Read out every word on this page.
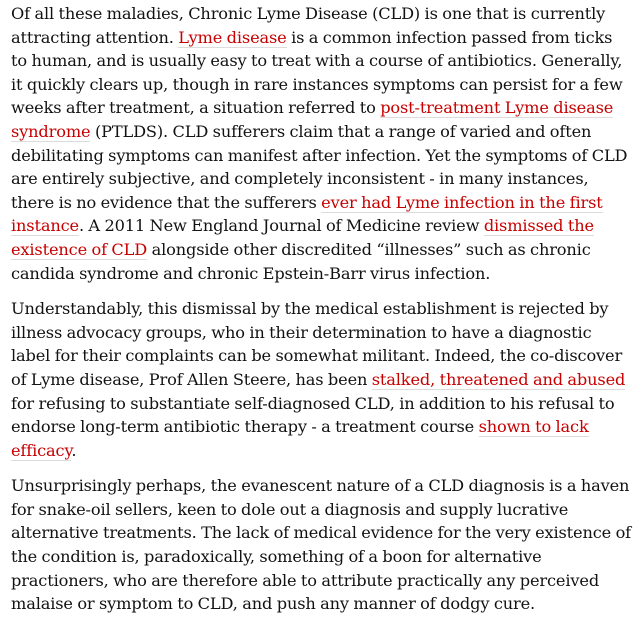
Of all these maladies, Chronic Lyme Disease (CLD) is one that is currently
attracting attention. Lyme disease is a common infection passed from ticks
to human, and is usually easy to treat with a course of antibiotics. Generally,
it quickly clears up, though in rare instances symptoms can persist for a few
weeks after treatment, a situation referred to post-treatment Lyme disease
syndrome (PTLDS). CLD sufferers claim that a range of varied and often
debilitating symptoms can manifest after infection. Yet the symptoms of CLD
are entirely subjective, and completely inconsistent - in many instances,
there is no evidence that the sufferers ever had Lyme infection in the first
instance. A 2011 New England Journal of Medicine review dismissed the
existence of CLD alongside other discredited “illnesses” such as chronic
candida syndrome and chronic Epstein-Barr virus infection.

Understandably, this dismissal by the medical establishment is rejected by
illness advocacy groups, who in their determination to have a diagnostic
label for their complaints can be somewhat militant. Indeed, the co-discover
of Lyme disease, Prof Allen Steere, has been stalked, threatened and abused
for refusing to substantiate self-diagnosed CLD, in addition to his refusal to
endorse long-term antibiotic therapy - a treatment course shown to lack
efficacy.

Unsurprisingly perhaps, the evanescent nature of a CLD diagnosis is a haven
for snake-oil sellers, keen to dole out a diagnosis and supply lucrative
alternative treatments. The lack of medical evidence for the very existence of
the condition is, paradoxically, something of a boon for alternative
practioners, who are therefore able to attribute practically any perceived
malaise or symptom to CLD, and push any manner of dodgy cure.
